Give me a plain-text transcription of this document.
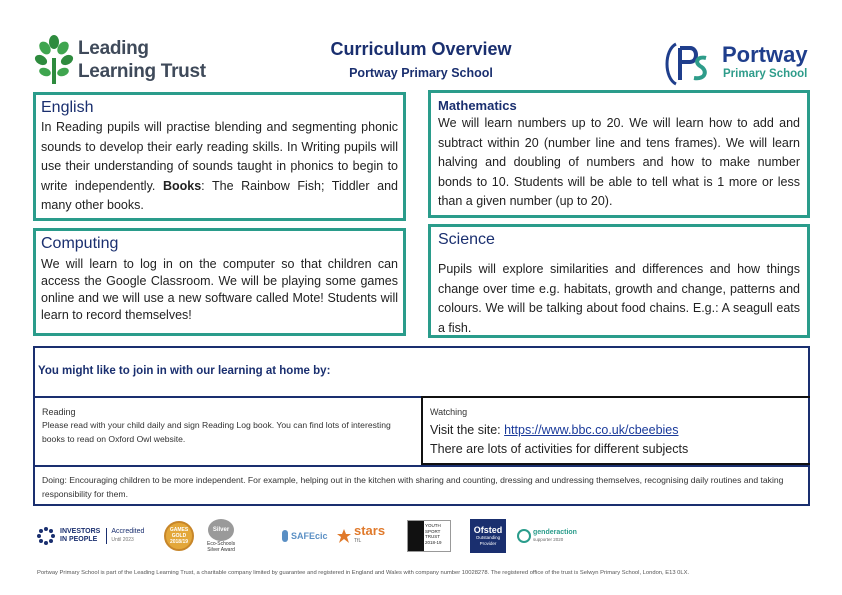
Leading
Learning Trust
Curriculum Overview
Portway Primary School
Portway
Primary School
English
In Reading pupils will practise blending and segmenting phonic sounds to develop their early reading skills. In Writing pupils will use their understanding of sounds taught in phonics to begin to write independently. Books: The Rainbow Fish; Tiddler and many other books.
Computing
We will learn to log in on the computer so that children can access the Google Classroom. We will be playing some games online and we will use a new software called Mote! Students will learn to record themselves!
Mathematics
We will learn numbers up to 20. We will learn how to add and subtract within 20 (number line and tens frames). We will learn halving and doubling of numbers and how to make number bonds to 10. Students will be able to tell what is 1 more or less than a given number (up to 20).
Science
Pupils will explore similarities and differences and how things change over time e.g. habitats, growth and change, patterns and colours. We will be talking about food chains. E.g.: A seagull eats a fish.
You might like to join in with our learning at home by:
Reading
Please read with your child daily and sign Reading Log book. You can find lots of interesting books to read on Oxford Owl website.
Watching
Visit the site: https://www.bbc.co.uk/cbeebies
There are lots of activities for different subjects
Doing: Encouraging children to be more independent. For example, helping out in the kitchen with sharing and counting, dressing and undressing themselves, recognising daily routines and taking responsibility for them.
INVESTORS
IN PEOPLE
Accredited
Until 2023
GAMES
GOLD
2018/19
Silver
Eco-Schools
Silver Award
SAFEcic stars
TfL
YOUTH
SPORT
TRUST
2018-19
Ofsted
Outstanding
Provider
genderaction
supporter 2020
Portway Primary School is part of the Leading Learning Trust, a charitable company limited by guarantee and registered in England and Wales with company number 10028278. The registered office of the trust is Selwyn Primary School, London, E13 0LX.
